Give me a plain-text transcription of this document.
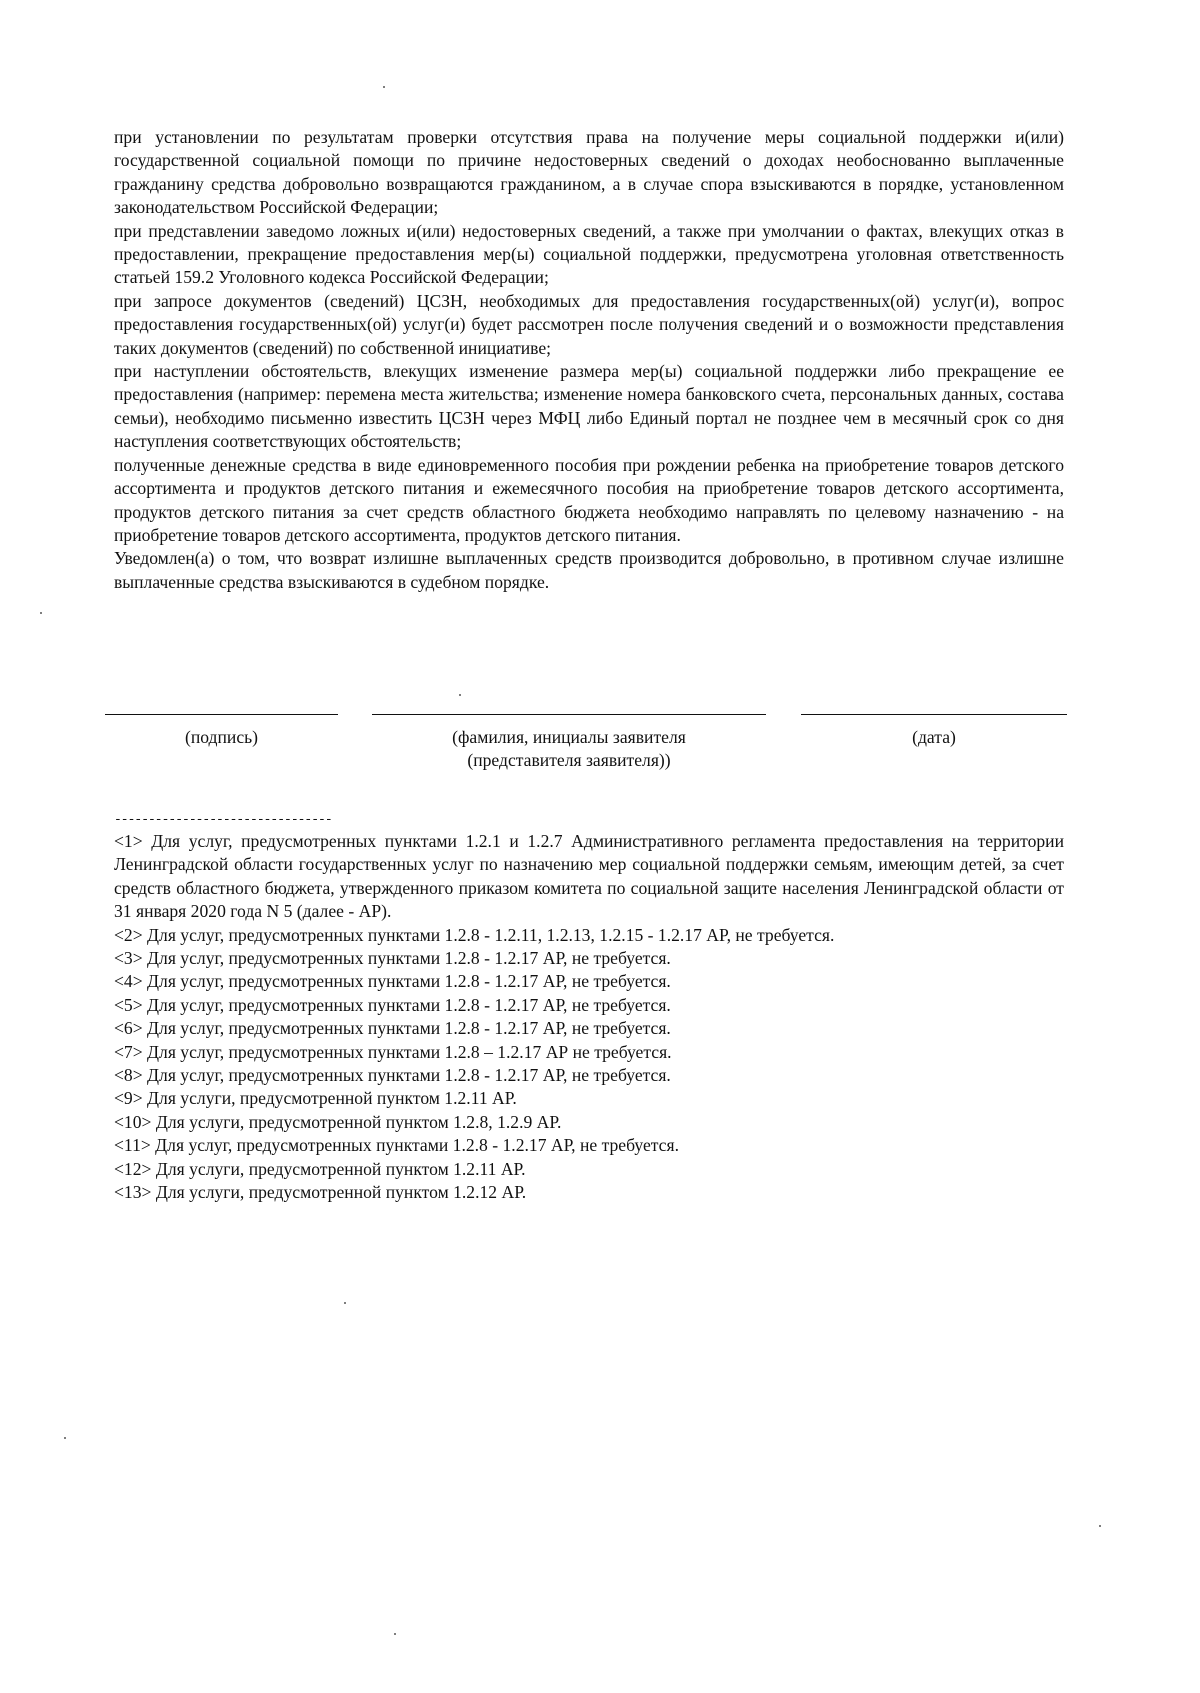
при установлении по результатам проверки отсутствия права на получение меры социальной поддержки и(или) государственной социальной помощи по причине недостоверных сведений о доходах необоснованно выплаченные гражданину средства добровольно возвращаются гражданином, а в случае спора взыскиваются в порядке, установленном законодательством Российской Федерации;

при представлении заведомо ложных и(или) недостоверных сведений, а также при умолчании о фактах, влекущих отказ в предоставлении, прекращение предоставления мер(ы) социальной поддержки, предусмотрена уголовная ответственность статьей 159.2 Уголовного кодекса Российской Федерации;

при запросе документов (сведений) ЦСЗН, необходимых для предоставления государственных(ой) услуг(и), вопрос предоставления государственных(ой) услуг(и) будет рассмотрен после получения сведений и о возможности представления таких документов (сведений) по собственной инициативе;

при наступлении обстоятельств, влекущих изменение размера мер(ы) социальной поддержки либо прекращение ее предоставления (например: перемена места жительства; изменение номера банковского счета, персональных данных, состава семьи), необходимо письменно известить ЦСЗН через МФЦ либо Единый портал не позднее чем в месячный срок со дня наступления соответствующих обстоятельств;

полученные денежные средства в виде единовременного пособия при рождении ребенка на приобретение товаров детского ассортимента и продуктов детского питания и ежемесячного пособия на приобретение товаров детского ассортимента, продуктов детского питания за счет средств областного бюджета необходимо направлять по целевому назначению - на приобретение товаров детского ассортимента, продуктов детского питания.

Уведомлен(а) о том, что возврат излишне выплаченных средств производится добровольно, в противном случае излишне выплаченные средства взыскиваются в судебном порядке.

(подпись)	(фамилия, инициалы заявителя
(представителя заявителя))
(дата)
--------------------------------

<1> Для услуг, предусмотренных пунктами 1.2.1 и 1.2.7 Административного регламента предоставления на территории Ленинградской области государственных услуг по назначению мер социальной поддержки семьям, имеющим детей, за счет средств областного бюджета, утвержденного приказом комитета по социальной защите населения Ленинградской области от 31 января 2020 года N 5 (далее - АР).

<2> Для услуг, предусмотренных пунктами 1.2.8 - 1.2.11, 1.2.13, 1.2.15 - 1.2.17 АР, не требуется.

<3> Для услуг, предусмотренных пунктами 1.2.8 - 1.2.17 АР, не требуется.

<4> Для услуг, предусмотренных пунктами 1.2.8 - 1.2.17 АР, не требуется.

<5> Для услуг, предусмотренных пунктами 1.2.8 - 1.2.17 АР, не требуется.

<6> Для услуг, предусмотренных пунктами 1.2.8 - 1.2.17 АР, не требуется.

<7> Для услуг, предусмотренных пунктами 1.2.8 – 1.2.17 АР не требуется.

<8> Для услуг, предусмотренных пунктами 1.2.8 - 1.2.17 АР, не требуется.

<9> Для услуги, предусмотренной пунктом 1.2.11 АР.

<10> Для услуги, предусмотренной пунктом 1.2.8, 1.2.9 АР.

<11> Для услуг, предусмотренных пунктами 1.2.8 - 1.2.17 АР, не требуется.

<12> Для услуги, предусмотренной пунктом 1.2.11 АР.

<13> Для услуги, предусмотренной пунктом 1.2.12 АР.
